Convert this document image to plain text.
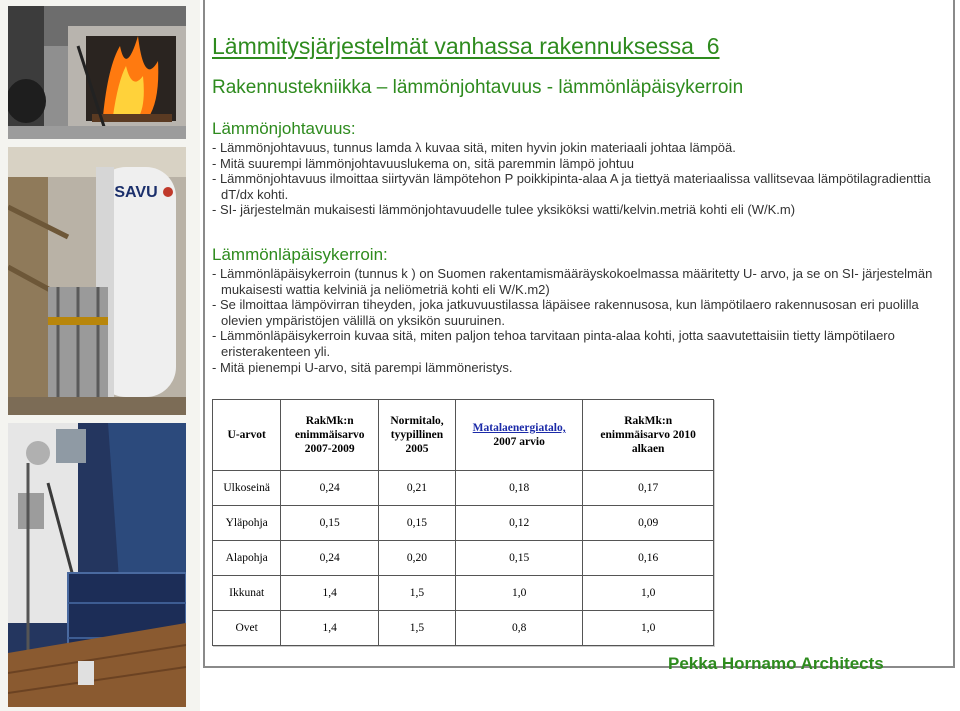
SAVU
Lämmitysjärjestelmät vanhassa rakennuksessa  6
Rakennustekniikka – lämmönjohtavuus - lämmönläpäisykerroin

Lämmönjohtavuus:

- Lämmönjohtavuus, tunnus lamda λ kuvaa sitä, miten hyvin jokin materiaali johtaa lämpöä.

- Mitä suurempi lämmönjohtavuuslukema on, sitä paremmin lämpö johtuu

- Lämmönjohtavuus ilmoittaa siirtyvän lämpötehon P poikkipinta-alaa A ja tiettyä materiaalissa vallitsevaa lämpötilagradienttia dT/dx kohti.

- SI- järjestelmän mukaisesti lämmönjohtavuudelle tulee yksiköksi watti/kelvin.metriä kohti eli (W/K.m)

Lämmönläpäisykerroin:

- Lämmönläpäisykerroin (tunnus k ) on Suomen rakentamismääräyskokoelmassa määritetty U- arvo, ja se on SI- järjestelmän mukaisesti wattia kelviniä ja neliömetriä kohti eli W/K.m2)

- Se ilmoittaa lämpövirran tiheyden, joka jatkuvuustilassa läpäisee rakennusosa, kun lämpötilaero rakennusosan eri puolilla olevien ympäristöjen välillä on yksikön suuruinen.

- Lämmönläpäisykerroin kuvaa sitä, miten paljon tehoa tarvitaan pinta-alaa kohti, jotta saavutettaisiin tietty lämpötilaero eristerakenteen yli.

- Mitä pienempi U-arvo, sitä parempi lämmöneristys.

U-arvot	RakMk:n
enimmäisarvo
2007-2009	Normitalo,
tyypillinen
2005	Matalaenergiatalo,
2007 arvio	RakMk:n
enimmäisarvo 2010
alkaen
Ulkoseinä	0,24	0,21	0,18	0,17
Yläpohja	0,15	0,15	0,12	0,09
Alapohja	0,24	0,20	0,15	0,16
Ikkunat	1,4	1,5	1,0	1,0
Ovet	1,4	1,5	0,8	1,0
Pekka Hornamo Architects
